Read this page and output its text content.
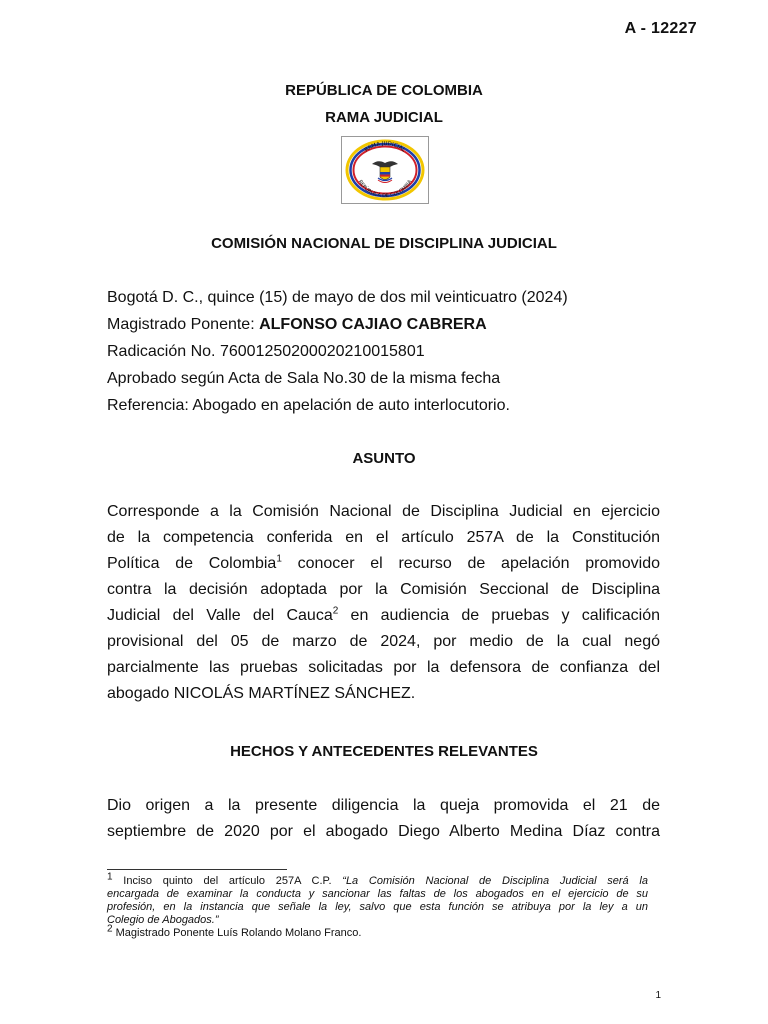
A - 12227
REPÚBLICA DE COLOMBIA
RAMA JUDICIAL
RAMA JUDICIAL
REPÚBLICA DE COLOMBIA
COMISIÓN NACIONAL DE DISCIPLINA JUDICIAL
Bogotá D. C., quince (15) de mayo de dos mil veinticuatro (2024)
Magistrado Ponente: ALFONSO CAJIAO CABRERA
Radicación No. 76001250200020210015801
Aprobado según Acta de Sala No.30 de la misma fecha
Referencia: Abogado en apelación de auto interlocutorio.
ASUNTO
Corresponde a la Comisión Nacional de Disciplina Judicial en ejercicio
de la competencia conferida en el artículo 257A de la Constitución
Política de Colombia$^1$ conocer el recurso de apelación promovido
contra la decisión adoptada por la Comisión Seccional de Disciplina
Judicial del Valle del Cauca$^2$ en audiencia de pruebas y calificación
provisional del 05 de marzo de 2024, por medio de la cual negó
parcialmente las pruebas solicitadas por la defensora de confianza del
abogado NICOLÁS MARTÍNEZ SÁNCHEZ.
HECHOS Y ANTECEDENTES RELEVANTES
Dio origen a la presente diligencia la queja promovida el 21 de
septiembre de 2020 por el abogado Diego Alberto Medina Díaz contra
$^1$ Inciso quinto del artículo 257A C.P. “La Comisión Nacional de Disciplina Judicial será la
encargada de examinar la conducta y sancionar las faltas de los abogados en el ejercicio de su
profesión, en la instancia que señale la ley, salvo que esta función se atribuya por la ley a un
Colegio de Abogados.”
$^2$ Magistrado Ponente Luís Rolando Molano Franco.
1
